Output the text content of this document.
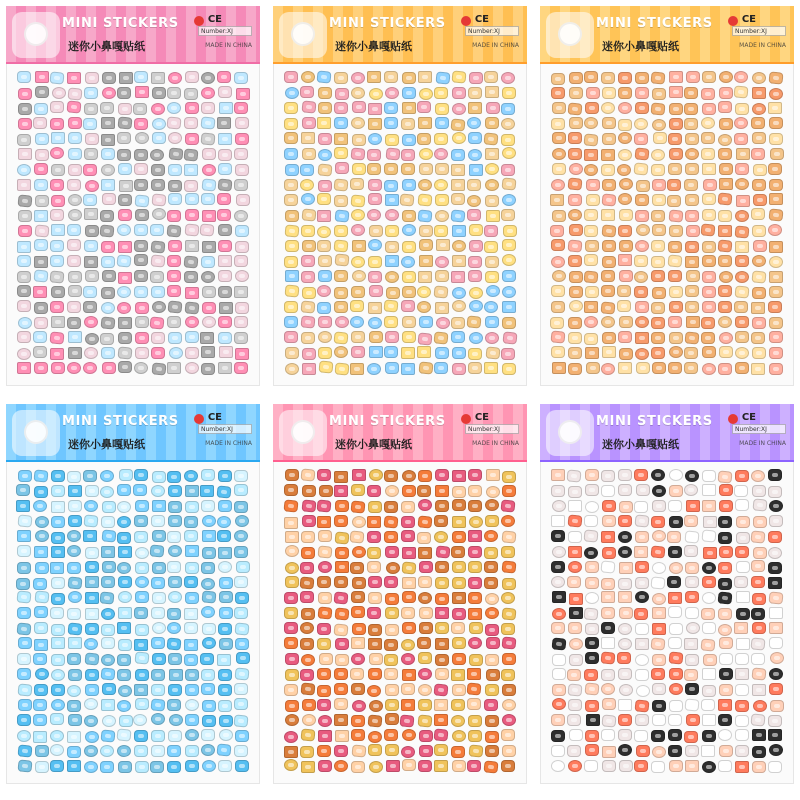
MINI STICKERS
迷你小鼻嘎贴纸
CE
Number:XJ
MADE IN CHINA
MINI STICKERS
迷你小鼻嘎贴纸
CE
Number:XJ
MADE IN CHINA
MINI STICKERS
迷你小鼻嘎贴纸
CE
Number:XJ
MADE IN CHINA
MINI STICKERS
迷你小鼻嘎贴纸
CE
Number:XJ
MADE IN CHINA
MINI STICKERS
迷你小鼻嘎贴纸
CE
Number:XJ
MADE IN CHINA
MINI STICKERS
迷你小鼻嘎贴纸
CE
Number:XJ
MADE IN CHINA
